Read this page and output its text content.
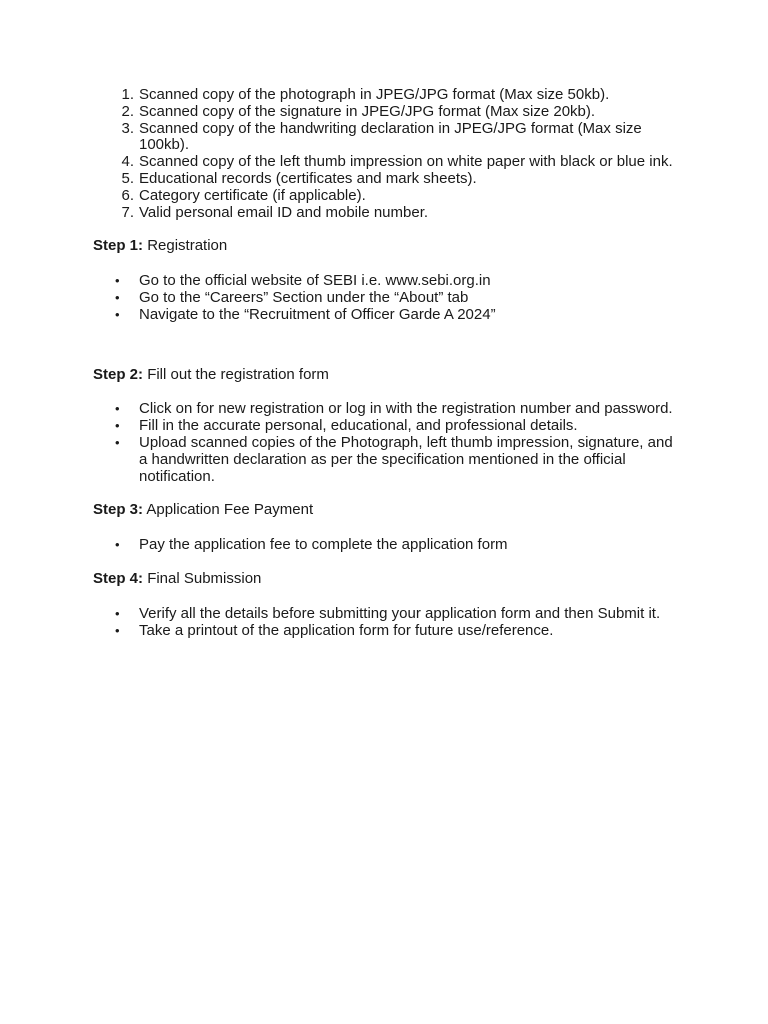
1. Scanned copy of the photograph in JPEG/JPG format (Max size 50kb).
2. Scanned copy of the signature in JPEG/JPG format (Max size 20kb).
3. Scanned copy of the handwriting declaration in JPEG/JPG format (Max size 100kb).
4. Scanned copy of the left thumb impression on white paper with black or blue ink.
5. Educational records (certificates and mark sheets).
6. Category certificate (if applicable).
7. Valid personal email ID and mobile number.

Step 1: Registration

• Go to the official website of SEBI i.e. www.sebi.org.in
• Go to the “Careers” Section under the “About” tab
• Navigate to the “Recruitment of Officer Garde A 2024”

Step 2: Fill out the registration form

• Click on for new registration or log in with the registration number and password.
• Fill in the accurate personal, educational, and professional details.
• Upload scanned copies of the Photograph, left thumb impression, signature, and a handwritten declaration as per the specification mentioned in the official notification.

Step 3: Application Fee Payment

• Pay the application fee to complete the application form

Step 4: Final Submission

• Verify all the details before submitting your application form and then Submit it.
• Take a printout of the application form for future use/reference.
